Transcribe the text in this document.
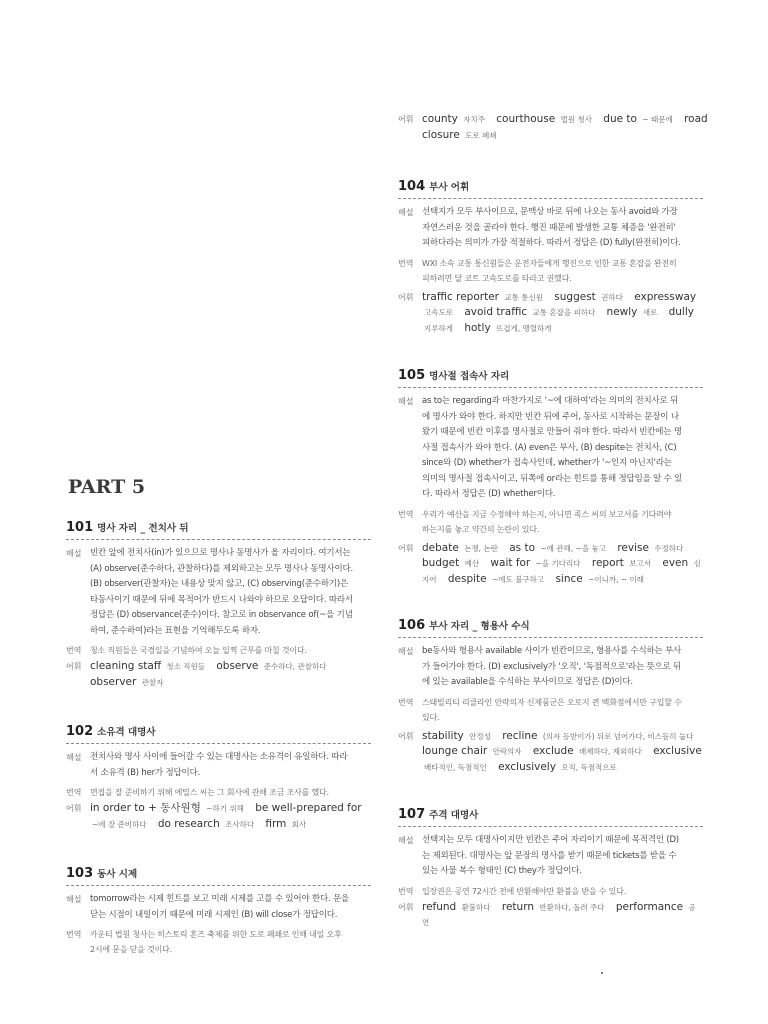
어휘 county 자치주 courthouse 법원 청사 due to ~ 때문에 road closure 도로 폐쇄
104 부사 어휘
해설	선택지가 모두 부사이므로, 문맥상 바로 뒤에 나오는 동사 avoid와 가장
자연스러운 것을 골라야 한다. 행진 때문에 발생한 교통 체증을 '완전히'
피하다라는 의미가 가장 적절하다. 따라서 정답은 (D) fully(완전히)이다.
번역	WXI 소속 교통 통신원들은 운전자들에게 행진으로 인한 교통 혼잡을 완전히
피하려면 달 코트 고속도로를 타라고 권했다.
어휘 traffic reporter 교통 통신원 suggest 권하다 expressway 고속도로 avoid traffic 교통 혼잡을 피하다 newly 새로 dully 지루하게 hotly 뜨겁게, 맹렬하게
105 명사절 접속사 자리
해설	as to는 regarding과 마찬가지로 '~에 대하여'라는 의미의 전치사로 뒤
에 명사가 와야 한다. 하지만 빈칸 뒤에 주어, 동사로 시작하는 문장이 나
왔기 때문에 빈칸 이후를 명사절로 만들어 줘야 한다. 따라서 빈칸에는 명
사절 접속사가 와야 한다. (A) even은 부사, (B) despite는 전치사, (C)
since와 (D) whether가 접속사인데, whether가 '~인지 아닌지'라는
의미의 명사절 접속사이고, 뒤쪽에 or라는 힌트를 통해 정답임을 알 수 있
다. 따라서 정답은 (D) whether이다.
번역	우리가 예산을 지금 수정해야 하는지, 아니면 콕스 씨의 보고서를 기다려야
하는지를 놓고 약간의 논란이 있다.
어휘 debate 논쟁, 논란 as to ~에 관해, ~을 놓고 revise 수정하다 budget 예산 wait for ~을 기다리다 report 보고서 even 심지어 despite ~에도 불구하고 since ~이니까, ~ 이래
106 부사 자리 _ 형용사 수식
해설	be동사와 형용사 available 사이가 빈칸이므로, 형용사를 수식하는 부사
가 들어가야 한다. (D) exclusively가 '오직', '독점적으로'라는 뜻으로 뒤
에 있는 available을 수식하는 부사이므로 정답은 (D)이다.
번역	스태빌리티 리클라인 안락의자 신제품군은 오로지 퀸 백화점에서만 구입할 수
있다.
어휘 stability 안정성 recline (의자 등받이가) 뒤로 넘어가다, 비스듬히 눕다 lounge chair 안락의자 exclude 배제하다, 제외하다 exclusive 배타적인, 독점적인 exclusively 오직, 독점적으로
107 주격 대명사
해설	선택지는 모두 대명사이지만 빈칸은 주어 자리이기 때문에 목적격인 (D)
는 제외된다. 대명사는 앞 문장의 명사를 받기 때문에 tickets를 받을 수
있는 사물 복수 형태인 (C) they가 정답이다.
번역	입장권은 공연 72시간 전에 반환해야만 환불을 받을 수 있다.
어휘 refund 환불하다 return 반환하다, 돌려 주다 performance 공연
PART 5
101 명사 자리 _ 전치사 뒤
해설	빈칸 앞에 전치사(in)가 있으므로 명사나 동명사가 올 자리이다. 여기서는
(A) observe(준수하다, 관찰하다)를 제외하고는 모두 명사나 동명사이다.
(B) observer(관찰자)는 내용상 맞지 않고, (C) observing(준수하기)은
타동사이기 때문에 뒤에 목적어가 반드시 나와야 하므로 오답이다. 따라서
정답은 (D) observance(준수)이다. 참고로 in observance of(~을 기념
하여, 준수하여)라는 표현을 기억해두도록 하자.
번역	청소 직원들은 국경일을 기념하여 오늘 일찍 근무를 마칠 것이다.
어휘 cleaning staff 청소 직원들 observe 준수하다, 관찰하다 observer 관찰자
102 소유격 대명사
해설	전치사와 명사 사이에 들어갈 수 있는 대명사는 소유격이 유일하다. 따라
서 소유격 (B) her가 정답이다.
번역	면접을 잘 준비하기 위해 에밀스 씨는 그 회사에 관해 조금 조사를 했다.
어휘 in order to + 동사원형 ~하기 위해 be well-prepared for ~에 잘 준비하다 do research 조사하다 firm 회사
103 동사 시제
해설	tomorrow라는 시제 힌트를 보고 미래 시제를 고를 수 있어야 한다. 문을
닫는 시점이 내일이기 때문에 미래 시제인 (B) will close가 정답이다.
번역	카운티 법원 청사는 히스토릭 혼즈 축제를 위한 도로 폐쇄로 인해 내일 오후
2시에 문을 닫을 것이다.
